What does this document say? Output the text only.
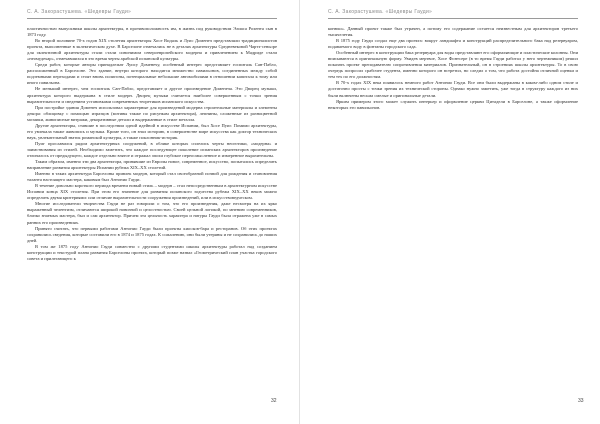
С. А. Закорастушева. «Шедевры Гауди»

пластичностью выпускники школы архитектуры, в противоположность им, в жизнь под руководством Элиаса Рохента сын в 1873 году.

Во второй половине 70-х годов XIX столетия архитекторы Хосе Видаль и Луис Доменеч представляли традиционалистов проекта, выполненные в эклектическом духе. В Барселоне отмечались не в деталях архитектуры Средневековой Чартэ-сеньоре для эклектичной архитектуры стали стали синонимом североевропейского модерна и привлечением к Мадриде стали «неомудехар», отмечавшихся в это время черты арабской испанской культуры.

Среди работ, которые авторы принадлежат Луису Доменечу, особенный интерес представляет госпиталь Сан-Пабло, расположенный в Барселоне. Это здание, внутри которого находятся множество павильонов, соединенных между собой подземными переходами и стоят вновь полигоны, потенциальные небольшие автомобилями в отношении капитала к тому или иного павильона.

Не меньший интерес, чем госпиталь Сан-Пабло, представляет и другое произведение Доменеча. Это Дворец музыки, архитектура которого выдержана в стиле модерн. Дворец музыки считается наиболее совершенным с точки зрения выразительности и сведением установками современных теоретиков испанского искусства.

При постройке здания Доменеч использовал характерные для произведений модерна строительные материалы и элементы декора: облицовку с помощью изразцов (мотивы также по рисункам архитектора), лепнины, сложенные из разноцветной мозаики, живописные витражи, декоративные детали и выдержанные в стиле металла.

Другие архитекторы, ставшие в последствии одной идейной в искусстве Испании, был Хосе Пуиг. Помимо архитектуры, его увлекала также живопись и музыка. Кроме того, он знал историю, в совершенстве мире искусства как доктор технических наук, увлекательный знаток романской культуры, а также поклонник-историк.

Пуиг прославился рядом архитектурных сооружений, в облике которых сплелись черты неоготики, «модерна» и заимствования из стилей. Необходимо заметить, что каждое последующее поколение испанских архитекторов произведение отличалось от предыдущего, каждое отдельно взятое и отражал эпохи глубокое переосмысленное и измеренное выразительны.

Таким образом, именно эти два архитектора, принявшие из Европы новое, современное, искусство, попытались определить направление развития архитектуры Испании рубежа XIX–XX столетий.

Именно в таких архитектура Барселоны привлек модерн, который стал своеобразной почвой для рождения и становления таланта настоящего мастера, каковым был Антонио Гауди.

В течение довольно короткого периода времени новый стиль – модерн – стал непосредственным в архитектурном искусстве Испании конца XIX столетия. При этом его значение для развития испанского зодчества рубежа XIX–XX веков можно определить двумя критериями: или отличие выразительности сооружения произведений, или в искусствоведческом.

Многие исследователи творчества Гауди не раз говорили о том, что его произведения, даже несмотря на их ярко выраженный челентизм, отличаются широкой новизной и целостностью. Своей цельной логикой, по мнению современников, близко знаемых мастера, был и сам архитектор. Причем эта цельность характера и натуры Гауди была отражена уже в самых ранних его произведениях.

Принято считать, что первыми работами Антонио Гауди были проекты киосков-бара и ресторанов. Об этих проектах сохранились сведения, которые составили его в 1874 и 1875 годах. К сожалению, они были утеряны и не сохранились до наших дней.

В том же 1875 году Антонио Гауди совместно с другими студентами школы архитектуры работал над созданием конструкции и текстурой плана развития Барселоны проекта, который позже назвал «Геометрический план участка городского совета и прилегающего к

32
С. А. Закорастушева. «Шедевры Гауди»

конюш». Данный проект также был утрачен, а потому его содержание остается неизвестным для архитекторов третьего тысячелетия.

В 1875 году Гауди создал еще два проекта: вокруг ландшафта и конструкций распределительного бака над резервуаром, подаваемого воду в фонтаны городского сада.

Особенный интерес в конструкции бака резервуара для воды представляют его оформляющие и пластические колонны. Они вписываются в оригинальную форму. Увидев мертвое, Хосе Фонтсере (в то время Гауди работал у него чертежником) решил показать проект преподавателю сопротивления материалов. Признательный, он в строениях школы архитектуры. То в свою очередь попросил срабочее студента, именно которого он встретил, но следил о том, что работа достойна отличной оценки и тем тех по его должностям.

В 70-х годах XIX века появилось немного работ Антонио Гауди. Все они были выдержаны в каком-либо одном стиле и достаточно просты с точки зрения их технической стороны. Однако нужно заметить, уже тогда в структуру каждого из них были включены весьма смелые и оригинальные детали.

Ярким примером этого может служить интерьер и оформление церкви Цитадели в Барселоне, а также оформление некоторых его павильонов.

33
